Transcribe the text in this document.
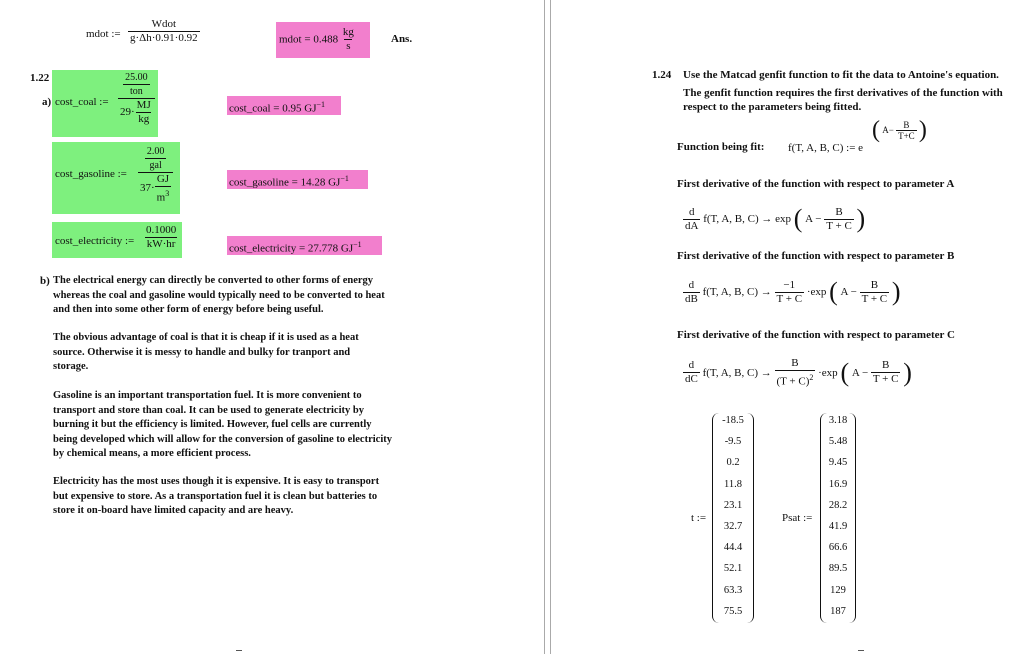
mdot := $\frac{\text{Wdot}}{g\cdot\Delta h\cdot 0.91\cdot 0.92}$	mdot = $0.488 \frac{kg}{s}$	Ans.
1.22
a) cost_coal :=
25.00
ton
$29\cdot \frac{MJ}{kg}$	cost_coal = 0.95 $GJ^{-1}$
cost_gasoline :=
2.00
gal
$37\cdot \frac{GJ}{m^3}$	cost_gasoline = 14.28 $GJ^{-1}$
cost_electricity := $\frac{0.1000}{kW\cdot hr}$	cost_electricity = 27.778 $GJ^{-1}$
b) The electrical energy can directly be converted to other forms of energy
whereas the coal and gasoline would typically need to be converted to heat
and then into some other form of energy before being useful.
The obvious advantage of coal is that it is cheap if it is used as a heat
source. Otherwise it is messy to handle and bulky for tranport and
storage.
Gasoline is an important transportation fuel. It is more convenient to
transport and store than coal. It can be used to generate electricity by
burning it but the efficiency is limited. However, fuel cells are currently
being developed which will allow for the conversion of gasoline to electricity
by chemical means, a more efficient process.
Electricity has the most uses though it is expensive. It is easy to transport
but expensive to store. As a transportation fuel it is clean but batteries to
store it on-board have limited capacity and are heavy.
1.24 Use the Matcad genfit function to fit the data to Antoine's equation.
The genfit function requires the first derivatives of the function with
respect to the parameters being fitted.
Function being fit: f(T, A, B, C) := e
( $A- \frac{B}{T+C}$ )
First derivative of the function with respect to parameter A
$\frac{d}{dA} f(T$, A, B, C) → exp ( $A - \frac{B}{T + C}$ )
First derivative of the function with respect to parameter B
$\frac{d}{dB} f(T$, A, B, $C) \to \frac{-1}{T + C} \cdot\exp$ ( $A - \frac{B}{T + C}$ )
First derivative of the function with respect to parameter C
$\frac{d}{dC} f(T$, A, B, $C) \to \frac{B}{(T + C)^2} \cdot\exp$ ( $A - \frac{B}{T + C}$ )
t :=
-18.5
-9.5
0.2
11.8
23.1
32.7
44.4
52.1
63.3
75.5
Psat :=
3.18
5.48
9.45
16.9
28.2
41.9
66.6
89.5
129
187
